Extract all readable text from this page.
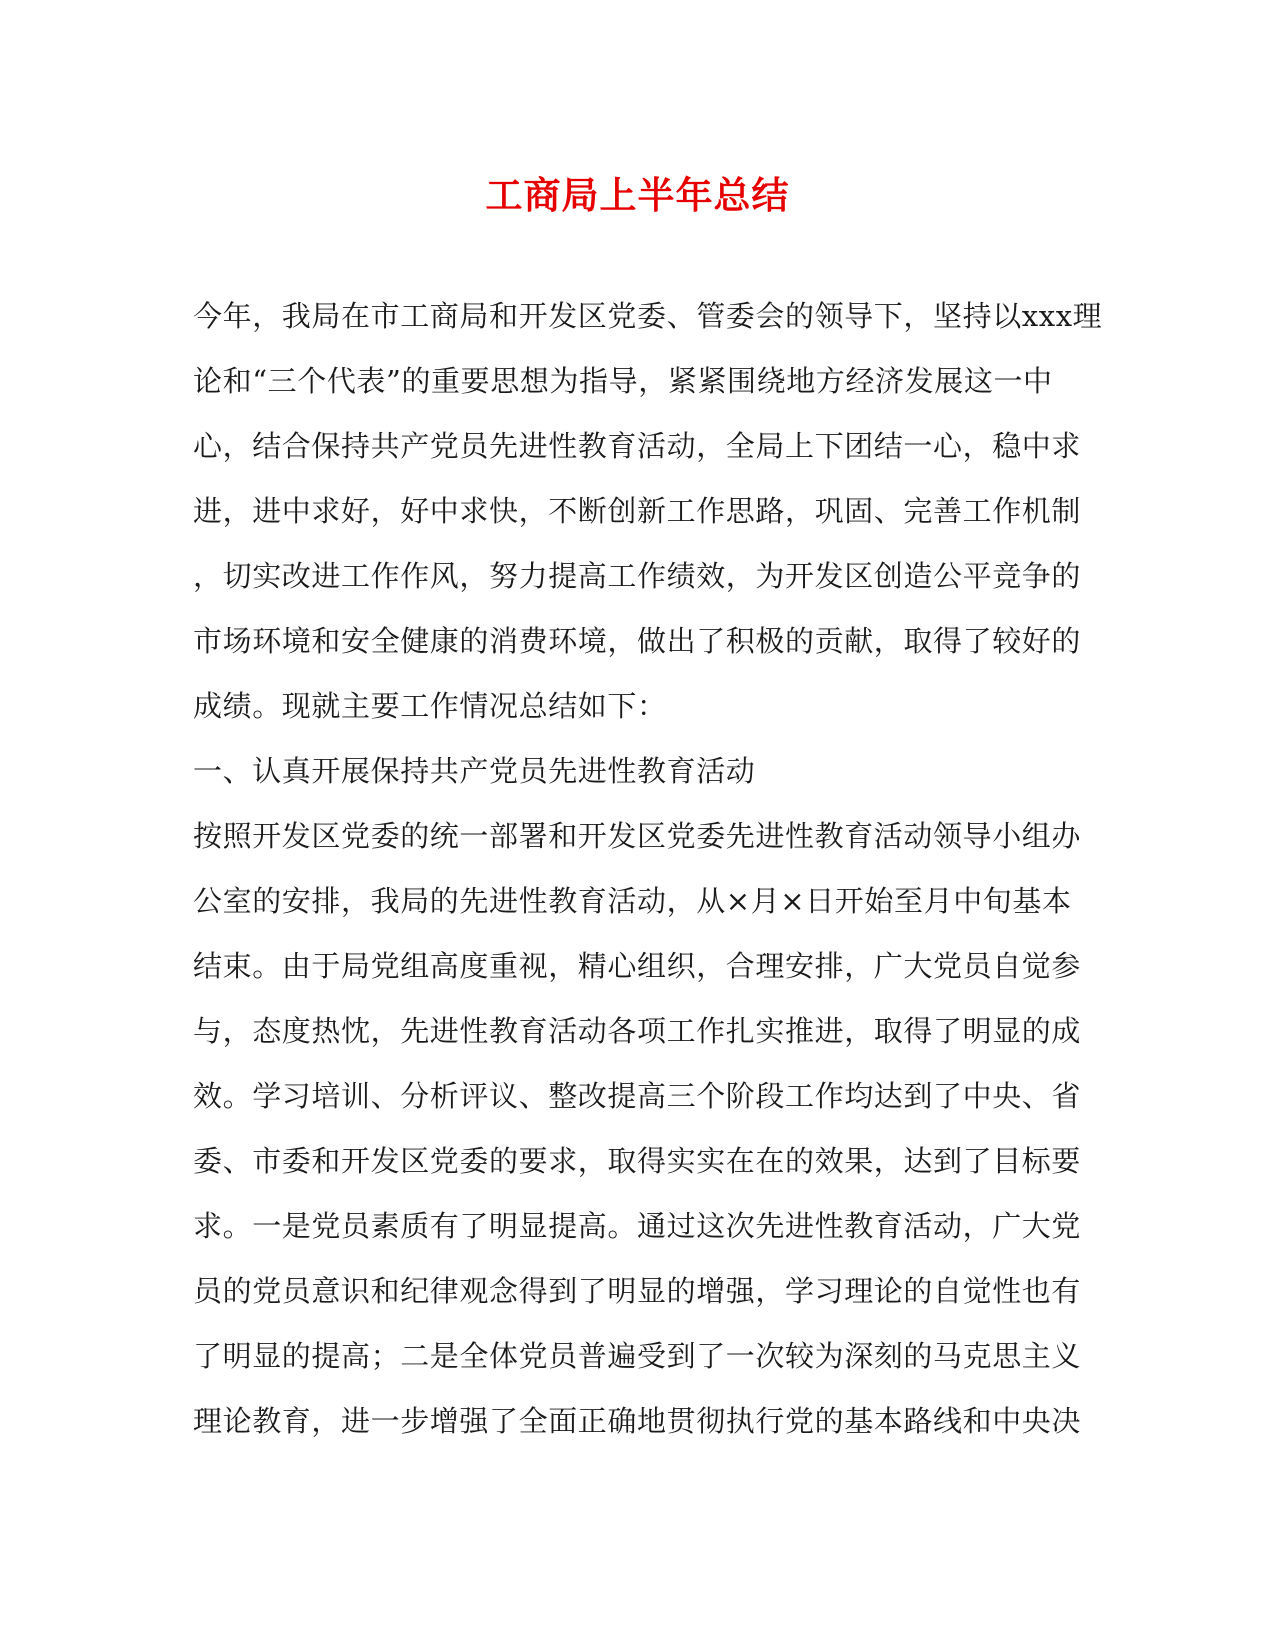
工商局上半年总结
今年，我局在市工商局和开发区党委、管委会的领导下，坚持以xxx理
论和“三个代表”的重要思想为指导，紧紧围绕地方经济发展这一中
心，结合保持共产党员先进性教育活动，全局上下团结一心，稳中求
进，进中求好，好中求快，不断创新工作思路，巩固、完善工作机制
，切实改进工作作风，努力提高工作绩效，为开发区创造公平竞争的
市场环境和安全健康的消费环境，做出了积极的贡献，取得了较好的
成绩。现就主要工作情况总结如下：
一、认真开展保持共产党员先进性教育活动
按照开发区党委的统一部署和开发区党委先进性教育活动领导小组办
公室的安排，我局的先进性教育活动，从×月×日开始至月中旬基本
结束。由于局党组高度重视，精心组织，合理安排，广大党员自觉参
与，态度热忱，先进性教育活动各项工作扎实推进，取得了明显的成
效。学习培训、分析评议、整改提高三个阶段工作均达到了中央、省
委、市委和开发区党委的要求，取得实实在在的效果，达到了目标要
求。一是党员素质有了明显提高。通过这次先进性教育活动，广大党
员的党员意识和纪律观念得到了明显的增强，学习理论的自觉性也有
了明显的提高；二是全体党员普遍受到了一次较为深刻的马克思主义
理论教育，进一步增强了全面正确地贯彻执行党的基本路线和中央决
